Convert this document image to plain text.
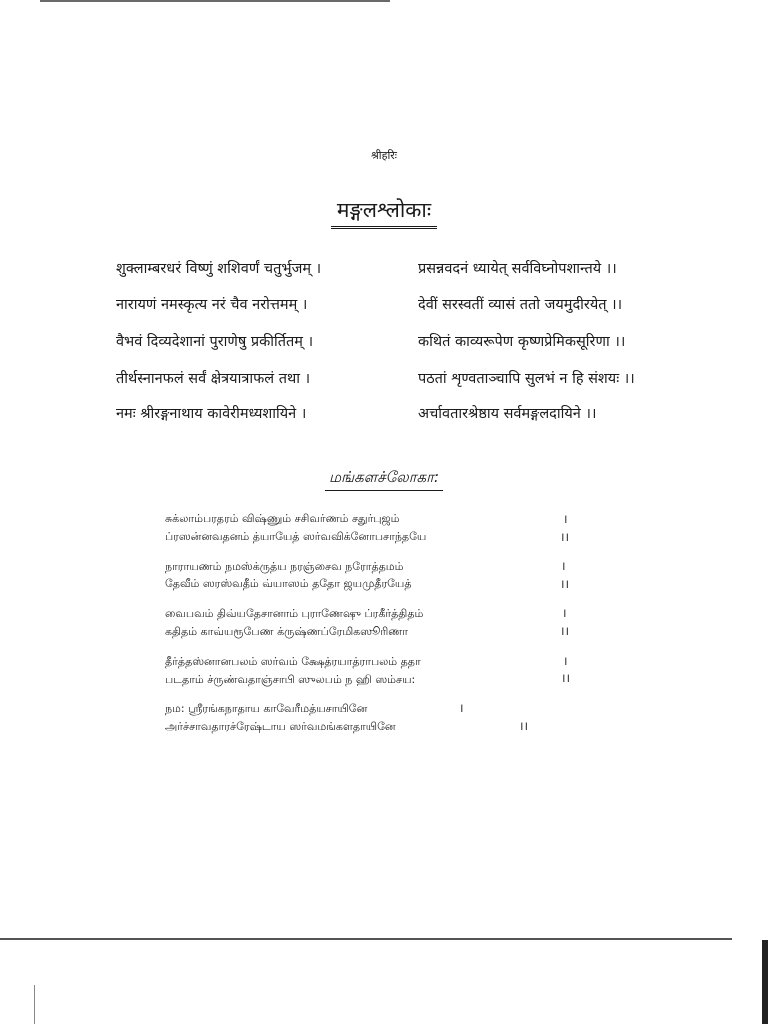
श्रीहरिः
मङ्गलश्लोकाः
शुक्लाम्बरधरं विष्णुं शशिवर्णं चतुर्भुजम् ।	प्रसन्नवदनं ध्यायेत् सर्वविघ्नोपशान्तये ।।
नारायणं नमस्कृत्य नरं चैव नरोत्तमम् ।	देवीं सरस्वतीं व्यासं ततो जयमुदीरयेत् ।।
वैभवं दिव्यदेशानां पुराणेषु प्रकीर्तितम् ।	कथितं काव्यरूपेण कृष्णप्रेमिकसूरिणा ।।
तीर्थस्नानफलं सर्वं क्षेत्रयात्राफलं तथा ।	पठतां शृण्वताञ्चापि सुलभं न हि संशयः ।।
नमः श्रीरङ्गनाथाय कावेरीमध्यशायिने ।	अर्चावतारश्रेष्ठाय सर्वमङ्गलदायिने ।।
மங்களச்லோகா:
சுக்லாம்பரதரம் விஷ்ணும் சசிவர்ணம் சதுர்புஜம்	।
ப்ரஸன்னவதனம் த்யாயேத் ஸர்வவிக்னோபசாந்தயே	।।
நாராயணம் நமஸ்க்ருத்ய நரஞ்சைவ நரோத்தமம்	।
தேவீம் ஸரஸ்வதீம் வ்யாஸம் ததோ ஜயமுதீரயேத்	।।
வைபவம் திவ்யதேசானாம் புராணேஷு ப்ரகீர்த்திதம்	।
கதிதம் காவ்யரூபேண க்ருஷ்ணப்ரேமிகஸூரிணா	।।
தீர்த்தஸ்னானபலம் ஸர்வம் க்ஷேத்ரயாத்ராபலம் ததா	।
படதாம் ச்ருண்வதாஞ்சாபி ஸுலபம் ந ஹி ஸம்சய:	।।
நம: ஸ்ரீரங்கநாதாய காவேரீமத்யசாயினே	।
அர்ச்சாவதாரச்ரேஷ்டாய ஸர்வமங்களதாயினே	।।
